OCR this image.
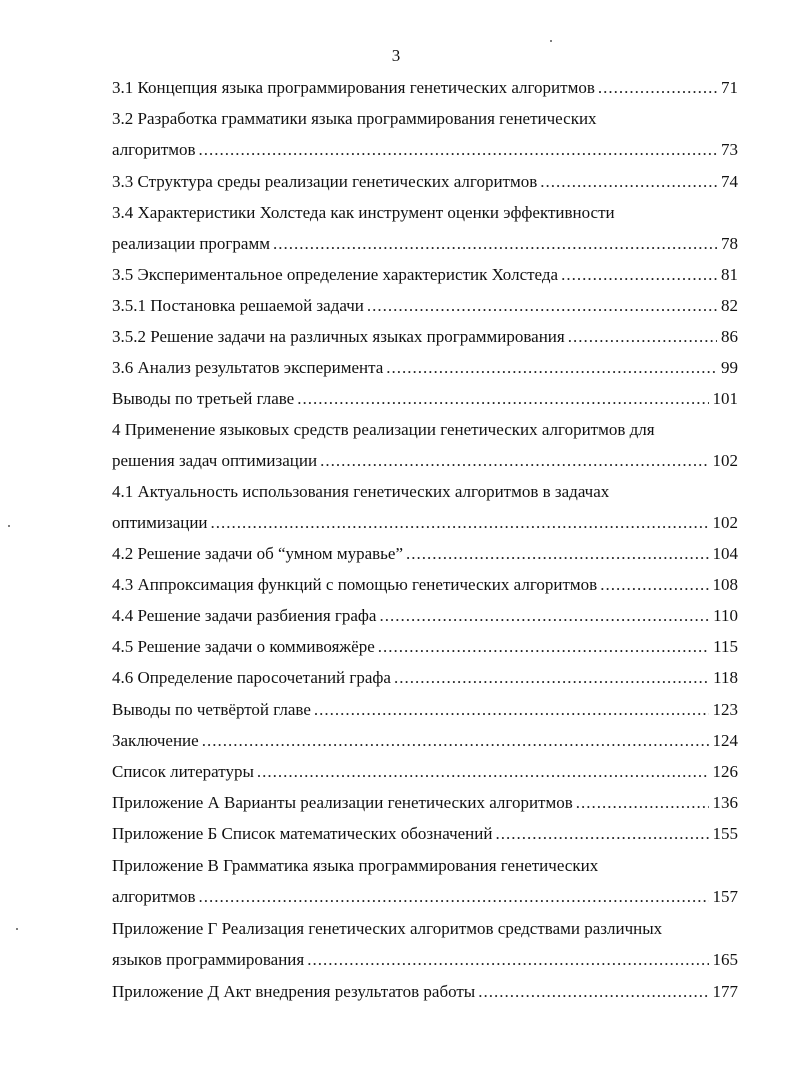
3
3.1 Концепция языка программирования генетических алгоритмов .....	71
3.2 Разработка грамматики языка программирования генетических
алгоритмов .....	73
3.3 Структура среды реализации генетических алгоритмов .....	74
3.4 Характеристики Холстеда как инструмент оценки эффективности
реализации программ .....	78
3.5 Экспериментальное определение характеристик Холстеда .....	81
3.5.1 Постановка решаемой задачи .....	82
3.5.2 Решение задачи на различных языках программирования .....	86
3.6 Анализ результатов эксперимента .....	99
Выводы по третьей главе .....	101
4 Применение языковых средств реализации генетических алгоритмов для
решения задач оптимизации .....	102
4.1 Актуальность использования генетических алгоритмов в задачах
оптимизации .....	102
4.2 Решение задачи об “умном муравье” .....	104
4.3 Аппроксимация функций с помощью генетических алгоритмов .....	108
4.4 Решение задачи разбиения графа .....	110
4.5 Решение задачи о коммивояжёре .....	115
4.6 Определение паросочетаний графа .....	118
Выводы по четвёртой главе .....	123
Заключение .....	124
Список литературы .....	126
Приложение А Варианты реализации генетических алгоритмов .....	136
Приложение Б Список математических обозначений .....	155
Приложение В Грамматика языка программирования генетических
алгоритмов .....	157
Приложение Г Реализация генетических алгоритмов средствами различных
языков программирования .....	165
Приложение Д Акт внедрения результатов работы .....	177
